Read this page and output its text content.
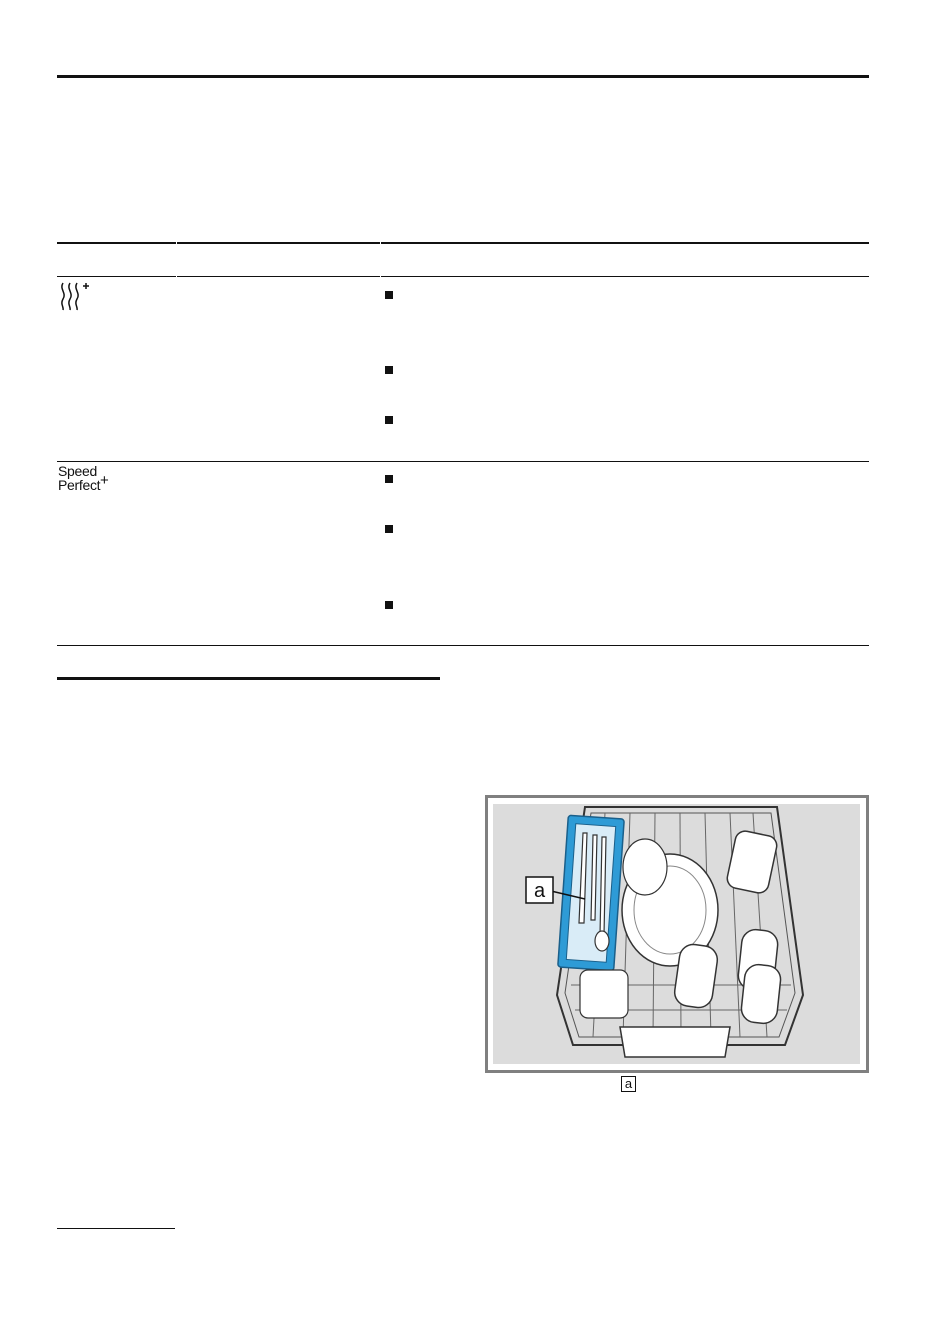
Speed
Perfect +
a
a
